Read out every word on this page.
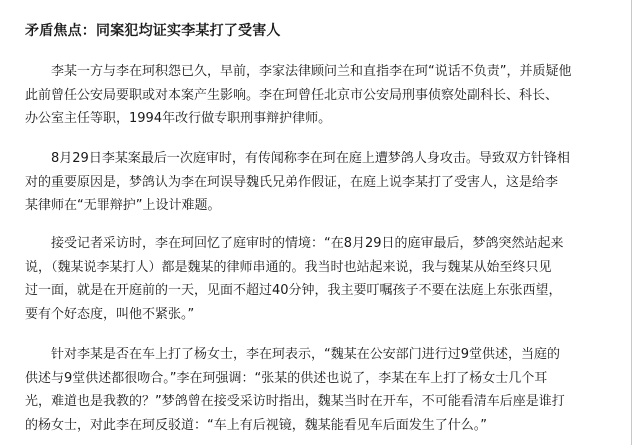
矛盾焦点：同案犯均证实李某打了受害人

　　李某一方与李在珂积怨已久，早前，李家法律顾问兰和直指李在珂“说话不负责”，并质疑他
此前曾任公安局要职或对本案产生影响。李在珂曾任北京市公安局刑事侦察处副科长、科长、
办公室主任等职，1994年改行做专职刑事辩护律师。

　　8月29日李某案最后一次庭审时，有传闻称李在珂在庭上遭梦鸽人身攻击。导致双方针锋相
对的重要原因是，梦鸽认为李在珂误导魏氏兄弟作假证，在庭上说李某打了受害人，这是给李
某律师在“无罪辩护”上设计难题。

　　接受记者采访时，李在珂回忆了庭审时的情境：“在8月29日的庭审最后，梦鸽突然站起来
说，（魏某说李某打人）都是魏某的律师串通的。我当时也站起来说，我与魏某从始至终只见
过一面，就是在开庭前的一天，见面不超过40分钟，我主要叮嘱孩子不要在法庭上东张西望，
要有个好态度，叫他不紧张。”

　　针对李某是否在车上打了杨女士，李在珂表示，“魏某在公安部门进行过9堂供述，当庭的
供述与9堂供述都很吻合。”李在珂强调：“张某的供述也说了，李某在车上打了杨女士几个耳
光，难道也是我教的？”梦鸽曾在接受采访时指出，魏某当时在开车，不可能看清车后座是谁打
的杨女士，对此李在珂反驳道：“车上有后视镜，魏某能看见车后面发生了什么。”
